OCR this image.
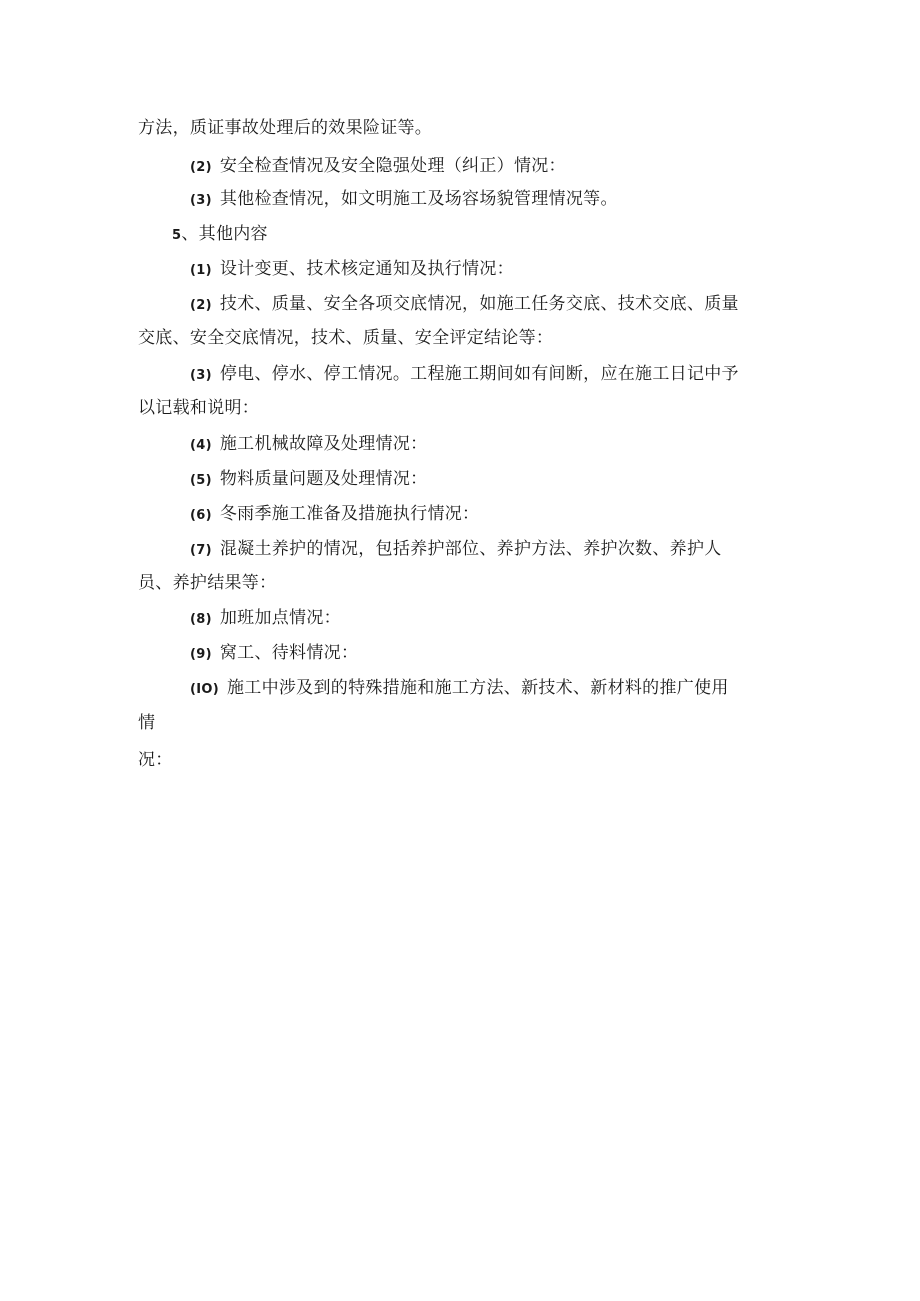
方法，质证事故处理后的效果险证等。
(2) 安全检查情况及安全隐强处理（纠正）情况：
(3) 其他检查情况，如文明施工及场容场貌管理情况等。
5、其他内容
(1) 设计变更、技术核定通知及执行情况：
(2) 技术、质量、安全各项交底情况，如施工任务交底、技术交底、质量
交底、安全交底情况，技术、质量、安全评定结论等：
(3) 停电、停水、停工情况。工程施工期间如有间断，应在施工日记中予
以记载和说明：
(4) 施工机械故障及处理情况：
(5) 物料质量问题及处理情况：
(6) 冬雨季施工准备及措施执行情况：
(7) 混凝土养护的情况，包括养护部位、养护方法、养护次数、养护人
员、养护结果等：
(8) 加班加点情况：
(9) 窝工、待料情况：
(IO) 施工中涉及到的特殊措施和施工方法、新技术、新材料的推广使用
情
况：
